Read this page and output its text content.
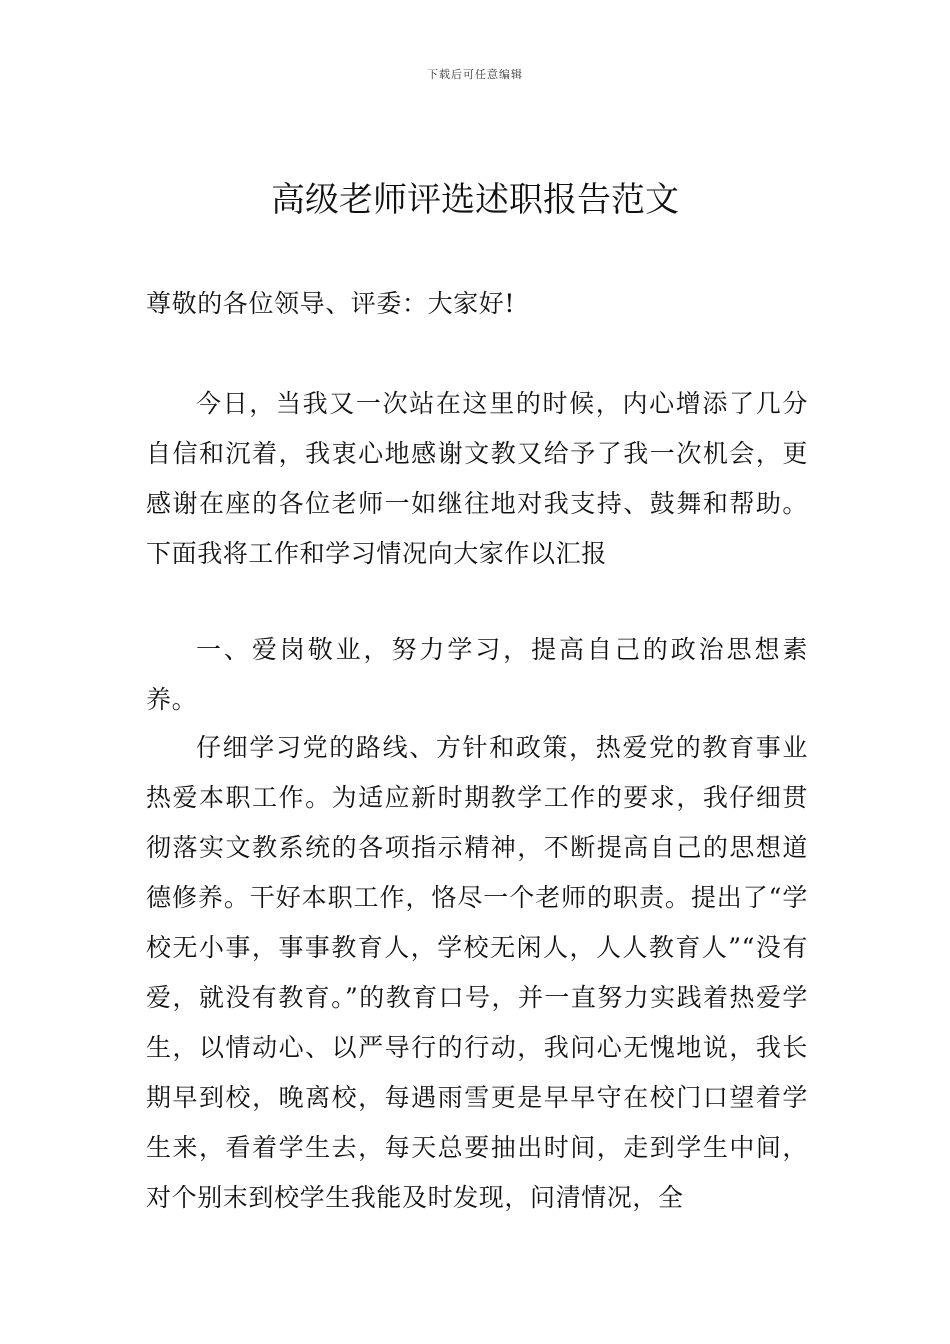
下载后可任意编辑
高级老师评选述职报告范文

尊敬的各位领导、评委：大家好!

今日，当我又一次站在这里的时候，内心增添了几分自信和沉着，我衷心地感谢文教又给予了我一次机会，更感谢在座的各位老师一如继往地对我支持、鼓舞和帮助。下面我将工作和学习情况向大家作以汇报

一、爱岗敬业，努力学习，提高自己的政治思想素养。

仔细学习党的路线、方针和政策，热爱党的教育事业热爱本职工作。为适应新时期教学工作的要求，我仔细贯彻落实文教系统的各项指示精神，不断提高自己的思想道德修养。干好本职工作，恪尽一个老师的职责。提出了“学校无小事，事事教育人，学校无闲人，人人教育人”“没有爱，就没有教育。”的教育口号，并一直努力实践着热爱学生，以情动心、以严导行的行动，我问心无愧地说，我长期早到校，晚离校，每遇雨雪更是早早守在校门口望着学生来，看着学生去，每天总要抽出时间，走到学生中间，对个别末到校学生我能及时发现，问清情况，全
